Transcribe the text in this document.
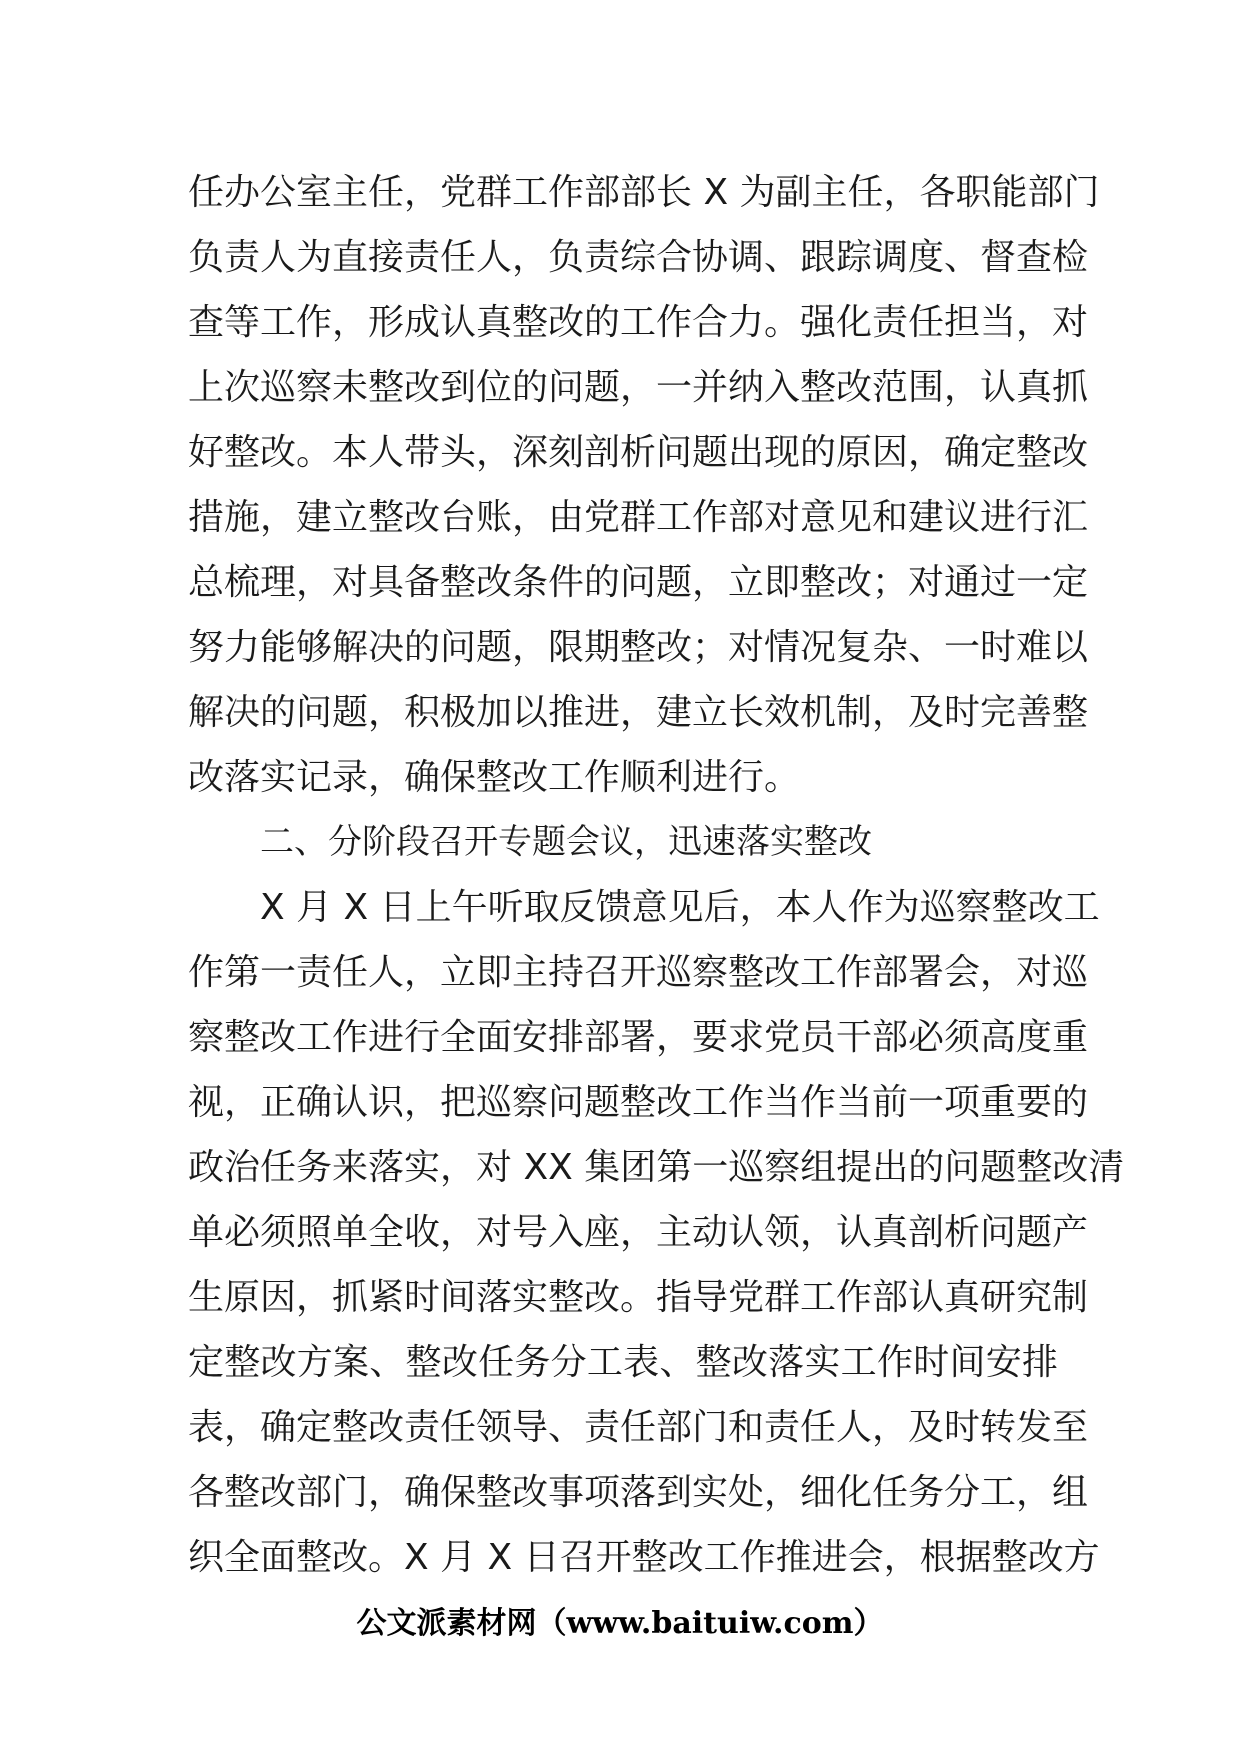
任办公室主任，党群工作部部长 X 为副主任，各职能部门
负责人为直接责任人，负责综合协调、跟踪调度、督查检
查等工作，形成认真整改的工作合力。强化责任担当，对
上次巡察未整改到位的问题，一并纳入整改范围，认真抓
好整改。本人带头，深刻剖析问题出现的原因，确定整改
措施，建立整改台账，由党群工作部对意见和建议进行汇
总梳理，对具备整改条件的问题，立即整改；对通过一定
努力能够解决的问题，限期整改；对情况复杂、一时难以
解决的问题，积极加以推进，建立长效机制，及时完善整
改落实记录，确保整改工作顺利进行。
二、分阶段召开专题会议，迅速落实整改
X 月 X 日上午听取反馈意见后，本人作为巡察整改工
作第一责任人，立即主持召开巡察整改工作部署会，对巡
察整改工作进行全面安排部署，要求党员干部必须高度重
视，正确认识，把巡察问题整改工作当作当前一项重要的
政治任务来落实，对 XX 集团第一巡察组提出的问题整改清
单必须照单全收，对号入座，主动认领，认真剖析问题产
生原因，抓紧时间落实整改。指导党群工作部认真研究制
定整改方案、整改任务分工表、整改落实工作时间安排
表，确定整改责任领导、责任部门和责任人，及时转发至
各整改部门，确保整改事项落到实处，细化任务分工，组
织全面整改。X 月 X 日召开整改工作推进会，根据整改方
公文派素材网（www.baituiw.com）
